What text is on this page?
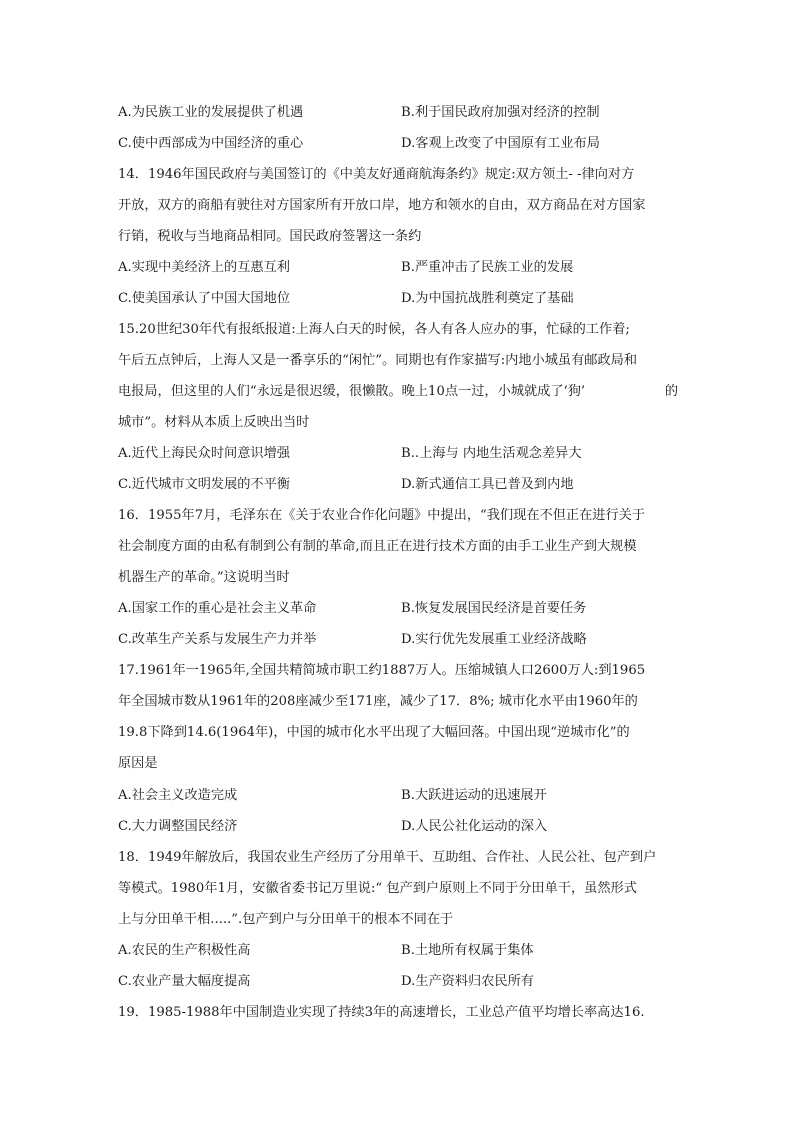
A.为民族工业的发展提供了机遇	B.利于国民政府加强对经济的控制
C.使中西部成为中国经济的重心	D.客观上改变了中国原有工业布局
14．1946年国民政府与美国签订的《中美友好通商航海条约》规定:双方领土- -律向对方
开放，双方的商船有驶往对方国家所有开放口岸，地方和领水的自由，双方商品在对方国家
行销，税收与当地商品相同。国民政府签署这一条约
A.实现中美经济上的互惠互利	B.严重冲击了民族工业的发展
C.使美国承认了中国大国地位	D.为中国抗战胜利奠定了基础
15.20世纪30年代有报纸报道:上海人白天的时候，各人有各人应办的事，忙碌的工作着;
午后五点钟后，上海人又是一番享乐的“闲忙”。同期也有作家描写:内地小城虽有邮政局和
电报局，但这里的人们“永远是很迟缓，很懒散。晚上10点一过，小城就成了‘狗’	的
城市”。材料从本质上反映出当时
A.近代上海民众时间意识增强	B..上海与 内地生活观念差异大
C.近代城市文明发展的不平衡	D.新式通信工具已普及到内地
16．1955年7月，毛泽东在《关于农业合作化问题》中提出，“我们现在不但正在进行关于
社会制度方面的由私有制到公有制的革命,而且正在进行技术方面的由手工业生产到大规模
机器生产的革命。”这说明当时
A.国家工作的重心是社会主义革命	B.恢复发展国民经济是首要任务
C.改革生产关系与发展生产力并举	D.实行优先发展重工业经济战略
17.1961年一1965年,全国共精简城市职工约1887万人。压缩城镇人口2600万人:到1965
年全国城市数从1961年的208座减少至171座，减少了17．8%; 城市化水平由1960年的
19.8下降到14.6(1964年)，中国的城市化水平出现了大幅回落。中国出现“逆城市化”的
原因是
A.社会主义改造完成	B.大跃进运动的迅速展开
C.大力调整国民经济	D.人民公社化运动的深入
18．1949年解放后，我国农业生产经历了分用单干、互助组、合作社、人民公社、包产到户
等模式。1980年1月，安徽省委书记万里说:“ 包产到户原则上不同于分田单干，虽然形式
上与分田单干相.....”.包产到户与分田单干的根本不同在于
A.农民的生产积极性高	B.土地所有权属于集体
C.农业产量大幅度提高	D.生产资料归农民所有
19．1985-1988年中国制造业实现了持续3年的高速增长，工业总产值平均增长率高达16.
